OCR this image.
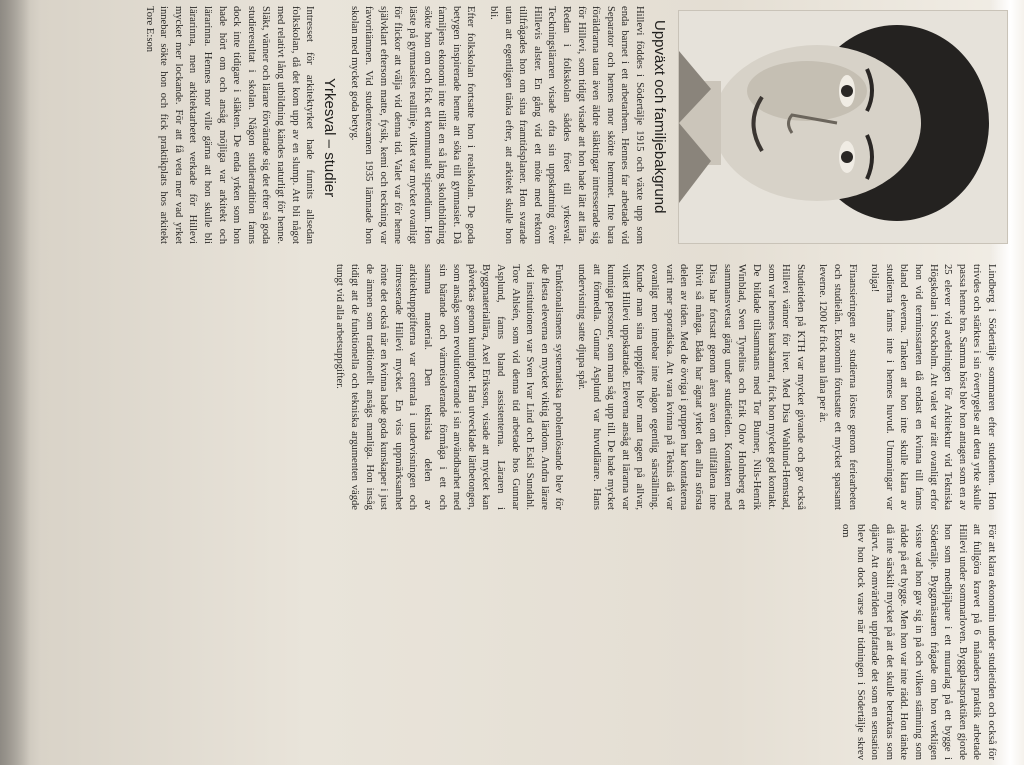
Uppväxt och familjebakgrund

Hillevi föddes i Södertälje 1915 och växte upp som enda barnet i ett arbetarhem. Hennes far arbetade vid Separator och hennes mor skötte hemmet. Inte bara föräldrarna utan även äldre släktingar intresserade sig för Hillevi, som tidigt visade att hon hade lätt att lära. Redan i folkskolan såddes fröet till yrkesval. Teckningsläraren visade ofta sin uppskattning över Hillevis alster. En gång vid ett möte med rektorn tillfrågades hon om sina framtidsplaner. Hon svarade utan att egentligen tänka efter, att arkitekt skulle hon bli.

Efter folkskolan fortsatte hon i realskolan. De goda betygen inspirerade henne att söka till gymnasiet. Då familjens ekonomi inte tillät en så lång skolutbildning sökte hon om och fick ett kommunalt stipendium. Hon läste på gymnasiets reallinje, vilket var mycket ovanligt för flickor att välja vid denna tid. Valet var för henne självklart eftersom matte, fysik, kemi och teckning var favoritämnen. Vid studentexamen 1935 lämnade hon skolan med mycket goda betyg.

Yrkesval – studier

Intresset för arkitektyrket hade funnits allsedan folkskolan, då det kom upp av en slump. Att bli något med relativt lång utbildning kändes naturligt för henne. Släkt, vänner och lärare förväntade sig det efter så goda studieresultat i skolan. Någon studietradition fanns dock inte tidigare i släkten. De enda yrken som hon hade hört om och ansåg möjliga var arkitekt och lärarinna. Hennes mor ville gärna att hon skulle bli lärarinna, men arkitektarbetet verkade för Hillevi mycket mer lockande. För att få veta mer vad yrket innebar sökte hon och fick praktikplats hos arkitekt Tore E:son

Lindberg i Södertälje sommaren efter studenten. Hon trivdes och stärktes i sin övertygelse att detta yrke skulle passa henne bra. Samma höst blev hon antagen som en av 25 elever vid avdelningen för Arkitektur vid Tekniska Högskolan i Stockholm. Att valet var rätt ovanligt erfor hon vid terminsstarten då endast en kvinna till fanns bland eleverna. Tanken att hon inte skulle klara av studierna fanns inte i hennes huvud. Utmaningar var roliga!

Finansieringen av studierna löstes genom feriearbeten och studielån. Ekonomin förutsatte ett mycket sparsamt leverne. 1200 kr fick man låna per år.

Studietiden på KTH var mycket givande och gav också Hillevi vänner för livet. Med Disa Wahlund-Hemstad, som var hennes kurskamrat, fick hon mycket god kontakt. De bildade tillsammans med Tor Bunner, Nils-Henrik Winblad, Sven Tynelius och Erik Olov Holmberg ett sammansvetsat gäng under studietiden. Kontakten med Disa har fortsatt genom åren även om tillfällena inte blivit så många. Båda har ägnat yrket den allra största delen av tiden. Med de övriga i gruppen har kontakterna varit mer sporadiska. Att vara kvinna på Teknis då var ovanligt men innebar inte någon egentlig särställning. Kunde man sina uppgifter blev man tagen på allvar, vilket Hillevi uppskattade. Eleverna ansåg att lärarna var kunniga personer, som man såg upp till. De hade mycket att förmedla. Gunnar Asplund var huvudlärare. Hans undervisning satte djupa spår.

Funktionalismens systematiska problemlösande blev för de flesta eleverna en mycket viktig lärdom. Andra lärare vid institutionen var Sven Ivar Lind och Eskil Sundahl. Tore Ahlsén, som vid denna tid arbetade hos Gunnar Asplund, fanns bland assistenterna. Läraren i Byggmateriallära, Axel Eriksson, visade att mycket kan påverkas genom kunnighet. Han utvecklade lättbetongen, som ansågs som revolutionerande i sin användbarhet med sin bärande och värmeisolerande förmåga i ett och samma material. Den tekniska delen av arkitektuppgifterna var centrala i undervisningen och intresserade Hillevi mycket. En viss uppmärksamhet rönte det också när en kvinna hade goda kunskaper i just de ämnen som traditionellt ansågs manliga. Hon insåg tidigt att de funktionella och tekniska argumenten vägde tungt vid alla arbetsuppgifter.

För att klara ekonomin under studietiden och också för att fullgöra kravet på 6 månaders praktik arbetade Hillevi under sommarloven. Byggplatspraktiken gjorde hon som medhjälpare i ett murarlag på ett bygge i Södertälje. Byggmästaren frågade om hon verkligen visste vad hon gav sig in på och vilken stämning som rådde på ett bygge. Men hon var inte rädd. Hon tänkte då inte särskilt mycket på att det skulle betraktas som djärvt. Att omvärlden uppfattade det som en sensation blev hon dock varse när tidningen i Södertälje skrev om
